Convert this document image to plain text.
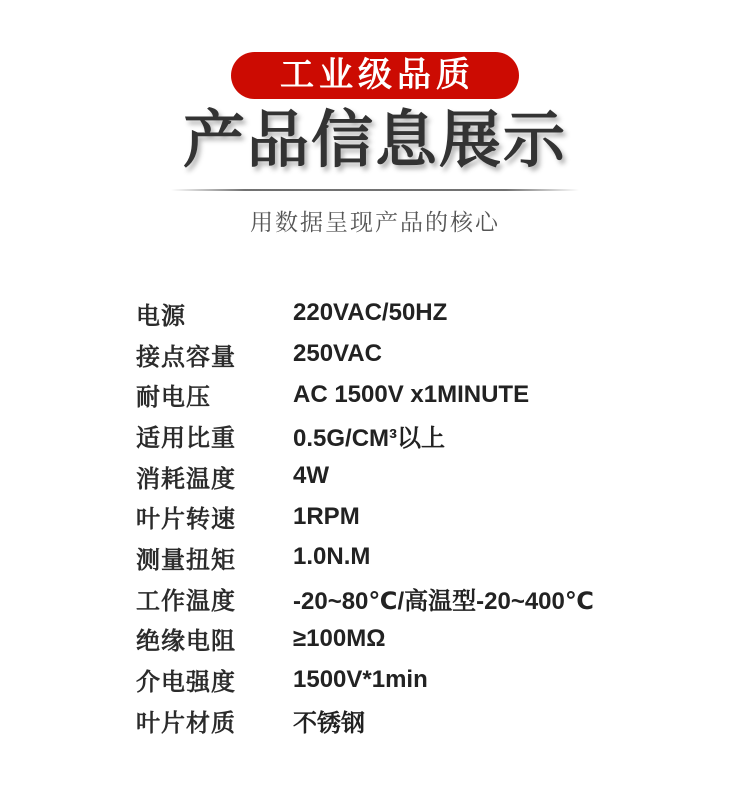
工业级品质
产品信息展示
用数据呈现产品的核心
电源	220VAC/50HZ
接点容量	250VAC
耐电压	AC 1500V x1MINUTE
适用比重	0.5G/CM³以上
消耗温度	4W
叶片转速	1RPM
测量扭矩	1.0N.M
工作温度	-20~80℃/高温型-20~400℃
绝缘电阻	≥100MΩ
介电强度	1500V*1min
叶片材质	不锈钢
